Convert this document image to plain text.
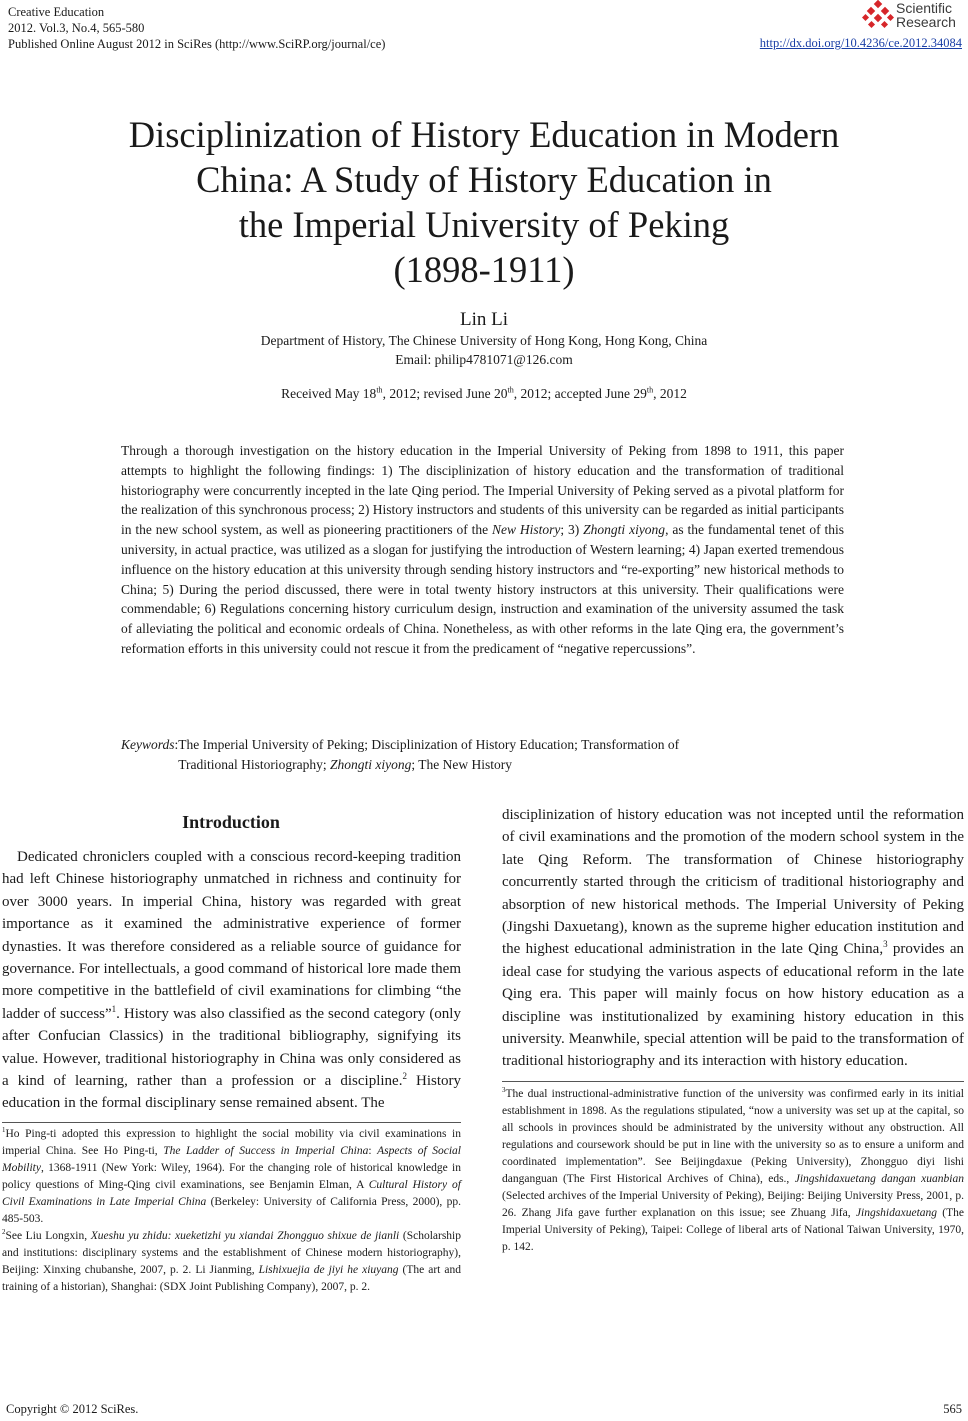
Creative Education
2012. Vol.3, No.4, 565-580
Published Online August 2012 in SciRes (http://www.SciRP.org/journal/ce)
Scientific
Research
http://dx.doi.org/10.4236/ce.2012.34084
Disciplinization of History Education in Modern
China: A Study of History Education in
the Imperial University of Peking
(1898-1911)
Lin Li
Department of History, The Chinese University of Hong Kong, Hong Kong, China
Email: philip4781071@126.com
Received May 18th, 2012; revised June 20th, 2012; accepted June 29th, 2012
Through a thorough investigation on the history education in the Imperial University of Peking from 1898 to 1911, this paper attempts to highlight the following findings: 1) The disciplinization of history education and the transformation of traditional historiography were concurrently incepted in the late Qing period. The Imperial University of Peking served as a pivotal platform for the realization of this synchronous process; 2) History instructors and students of this university can be regarded as initial participants in the new school system, as well as pioneering practitioners of the New History; 3) Zhongti xiyong, as the fundamental tenet of this university, in actual practice, was utilized as a slogan for justifying the introduction of Western learning; 4) Japan exerted tremendous influence on the history education at this university through sending history instructors and “re-exporting” new historical methods to China; 5) During the period discussed, there were in total twenty history instructors at this university. Their qualifications were commendable; 6) Regulations concerning history curriculum design, instruction and examination of the university assumed the task of alleviating the political and economic ordeals of China. Nonetheless, as with other reforms in the late Qing era, the government’s reformation efforts in this university could not rescue it from the predicament of “negative repercussions”.
Keywords: The Imperial University of Peking; Disciplinization of History Education; Transformation of
Traditional Historiography; Zhongti xiyong; The New History
Introduction
Dedicated chroniclers coupled with a conscious record-keeping tradition had left Chinese historiography unmatched in richness and continuity for over 3000 years. In imperial China, history was regarded with great importance as it examined the administrative experience of former dynasties. It was therefore considered as a reliable source of guidance for governance. For intellectuals, a good command of historical lore made them more competitive in the battlefield of civil examinations for climbing “the ladder of success”$^1$. History was also classified as the second category (only after Confucian Classics) in the traditional bibliography, signifying its value. However, traditional historiography in China was only considered as a kind of learning, rather than a profession or a discipline.$^2$ History education in the formal disciplinary sense remained absent. The
$^1$Ho Ping-ti adopted this expression to highlight the social mobility via civil examinations in imperial China. See Ho Ping-ti, The Ladder of Success in Imperial China: Aspects of Social Mobility, 1368-1911 (New York: Wiley, 1964). For the changing role of historical knowledge in policy questions of Ming-Qing civil examinations, see Benjamin Elman, A Cultural History of Civil Examinations in Late Imperial China (Berkeley: University of California Press, 2000), pp. 485-503.
$^2$See Liu Longxin, Xueshu yu zhidu: xueketizhi yu xiandai Zhongguo shixue de jianli (Scholarship and institutions: disciplinary systems and the establishment of Chinese modern historiography), Beijing: Xinxing chubanshe, 2007, p. 2. Li Jianming, Lishixuejia de jiyi he xiuyang (The art and training of a historian), Shanghai: (SDX Joint Publishing Company), 2007, p. 2.
disciplinization of history education was not incepted until the reformation of civil examinations and the promotion of the modern school system in the late Qing Reform. The transformation of Chinese historiography concurrently started through the criticism of traditional historiography and absorption of new historical methods. The Imperial University of Peking (Jingshi Daxuetang), known as the supreme higher education institution and the highest educational administration in the late Qing China,$^3$ provides an ideal case for studying the various aspects of educational reform in the late Qing era. This paper will mainly focus on how history education as a discipline was institutionalized by examining history education in this university. Meanwhile, special attention will be paid to the transformation of traditional historiography and its interaction with history education.
$^3$The dual instructional-administrative function of the university was confirmed early in its initial establishment in 1898. As the regulations stipulated, “now a university was set up at the capital, so all schools in provinces should be administrated by the university without any obstruction. All regulations and coursework should be put in line with the university so as to ensure a uniform and coordinated implementation”. See Beijingdaxue (Peking University), Zhongguo diyi lishi danganguan (The First Historical Archives of China), eds., Jingshidaxuetang dangan xuanbian (Selected archives of the Imperial University of Peking), Beijing: Beijing University Press, 2001, p. 26. Zhang Jifa gave further explanation on this issue; see Zhuang Jifa, Jingshidaxuetang (The Imperial University of Peking), Taipei: College of liberal arts of National Taiwan University, 1970, p. 142.
Copyright © 2012 SciRes.	565
